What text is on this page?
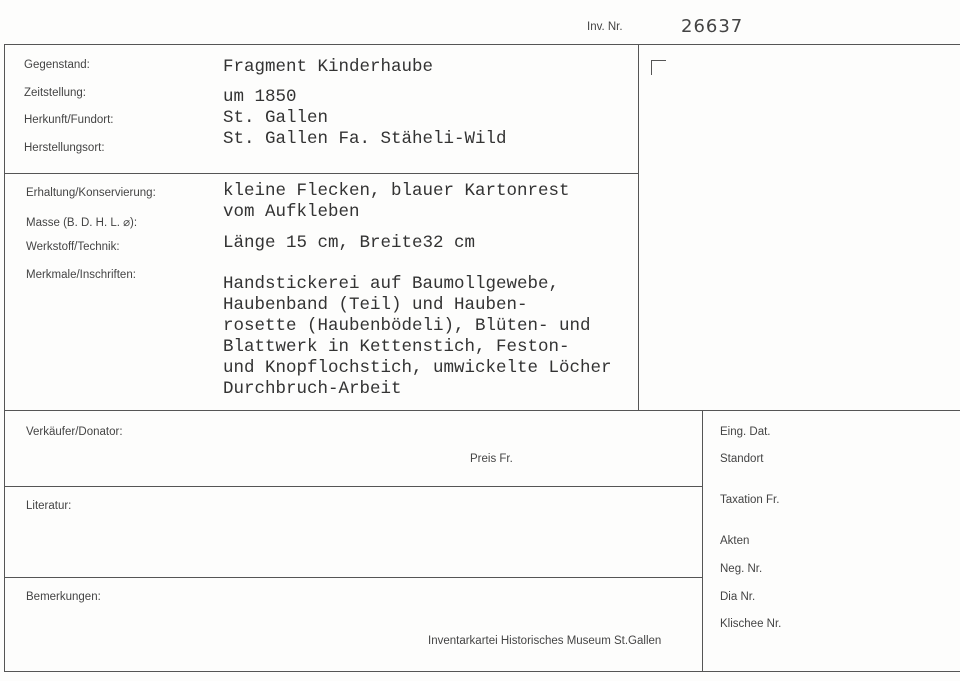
Inv. Nr.	26637
Gegenstand:
Zeitstellung:
Herkunft/Fundort:
Herstellungsort:
Fragment Kinderhaube
um 1850
St. Gallen
St. Gallen Fa. Stäheli-Wild
Erhaltung/Konservierung:
Masse (B. D. H. L. ⌀):
Werkstoff/Technik:
Merkmale/Inschriften:
kleine Flecken, blauer Kartonrest
vom Aufkleben
Länge 15 cm, Breite32 cm
Handstickerei auf Baumollgewebe,
Haubenband (Teil) und Hauben-
rosette (Haubenbödeli), Blüten- und
Blattwerk in Kettenstich, Feston-
und Knopflochstich, umwickelte Löcher
Durchbruch-Arbeit
Verkäufer/Donator:
Preis Fr.
Literatur:
Bemerkungen:
Inventarkartei Historisches Museum St.Gallen
Eing. Dat.
Standort
Taxation Fr.
Akten
Neg. Nr.
Dia Nr.
Klischee Nr.
